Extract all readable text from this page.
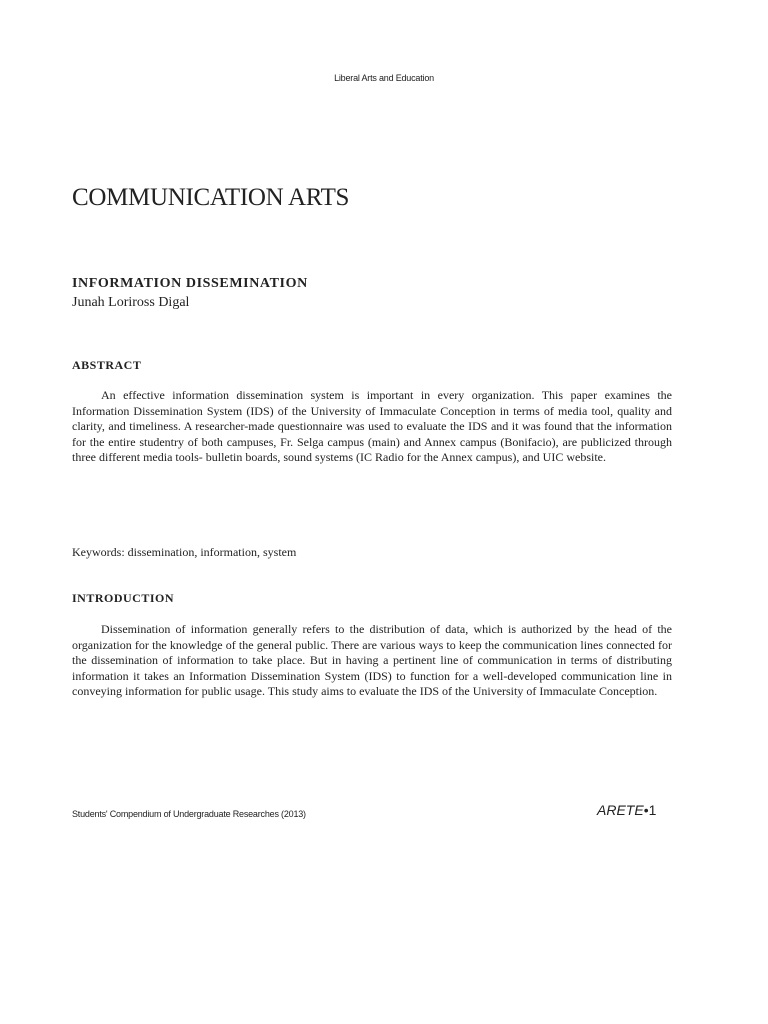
Liberal Arts and Education
COMMUNICATION ARTS
INFORMATION DISSEMINATION
Junah Loriross Digal
ABSTRACT

An effective information dissemination system is important in every organization. This paper examines the Information Dissemination System (IDS) of the University of Immaculate Conception in terms of media tool, quality and clarity, and timeliness. A researcher-made questionnaire was used to evaluate the IDS and it was found that the information for the entire studentry of both campuses, Fr. Selga campus (main) and Annex campus (Bonifacio), are publicized through three different media tools- bulletin boards, sound systems (IC Radio for the Annex campus), and UIC website.

Keywords: dissemination, information, system
INTRODUCTION

Dissemination of information generally refers to the distribution of data, which is authorized by the head of the organization for the knowledge of the general public. There are various ways to keep the communication lines connected for the dissemination of information to take place. But in having a pertinent line of communication in terms of distributing information it takes an Information Dissemination System (IDS) to function for a well-developed communication line in conveying information for public usage. This study aims to evaluate the IDS of the University of Immaculate Conception.

Students' Compendium of Undergraduate Researches (2013)	ARETE•1
